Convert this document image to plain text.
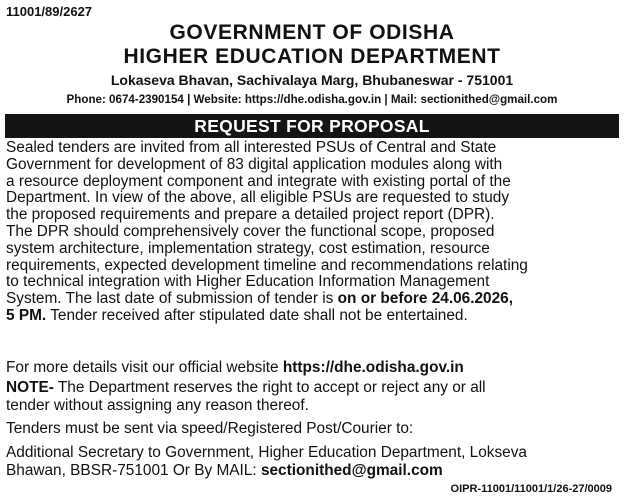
11001/89/2627
GOVERNMENT OF ODISHA
HIGHER EDUCATION DEPARTMENT
Lokaseva Bhavan, Sachivalaya Marg, Bhubaneswar - 751001
Phone: 0674-2390154 | Website: https://dhe.odisha.gov.in | Mail: sectionithed@gmail.com
REQUEST FOR PROPOSAL
Sealed tenders are invited from all interested PSUs of Central and State
Government for development of 83 digital application modules along with
a resource deployment component and integrate with existing portal of the
Department. In view of the above, all eligible PSUs are requested to study
the proposed requirements and prepare a detailed project report (DPR).
The DPR should comprehensively cover the functional scope, proposed
system architecture, implementation strategy, cost estimation, resource
requirements, expected development timeline and recommendations relating
to technical integration with Higher Education Information Management
System. The last date of submission of tender is on or before 24.06.2026,
5 PM. Tender received after stipulated date shall not be entertained.
For more details visit our official website https://dhe.odisha.gov.in
NOTE- The Department reserves the right to accept or reject any or all
tender without assigning any reason thereof.
Tenders must be sent via speed/Registered Post/Courier to:
Additional Secretary to Government, Higher Education Department, Lokseva
Bhawan, BBSR-751001 Or By MAIL: sectionithed@gmail.com
OIPR-11001/11001/1/26-27/0009
